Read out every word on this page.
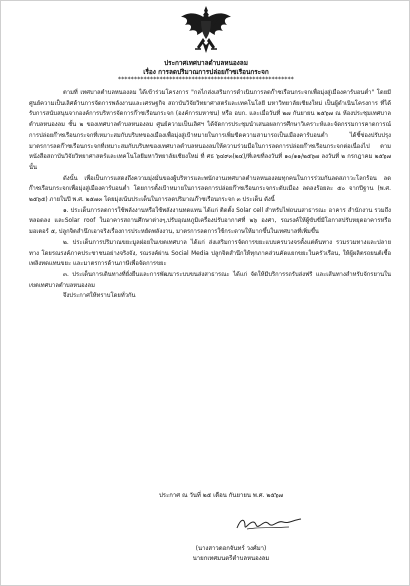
ประกาศเทศบาลตำบลหนองลม
เรื่อง การลดปริมาณการปล่อยก๊าซเรือนกระจก
*******************************************************

ตามที่ เทศบาลตำบลหนองลม ได้เข้าร่วมโครงการ "กลไกส่งเสริมการดำเนินการลดก๊าซเรือนกระจกเพื่อมุ่งสู่เมืองคาร์บอนต่ำ" โดยมีศูนย์ความเป็นเลิศด้านการจัดการพลังงานและเศรษฐกิจ สถาบันวิจัยวิทยาศาสตร์และเทคโนโลยี มหาวิทยาลัยเชียงใหม่ เป็นผู้ดำเนินโครงการ ที่ได้รับการสนับสนุนจากองค์การบริหารจัดการก๊าซเรือนกระจก (องค์การมหาชน) หรือ อบก. และเมื่อวันที่ ๒๗ กันยายน ๒๕๖๗ ณ ห้องประชุมเทศบาลตำบลหนองลม ชั้น ๒ ของเทศบาลตำบลหนองลม ศูนย์ความเป็นเลิศฯ ได้จัดการประชุมนำเสนอผลการศึกษาวิเคราะห์และจัดกรรมการคาดการณ์การปล่อยก๊าซเรือนกระจกที่เหมาะสมกับบริบทของเมืองเพื่อมุ่งสู่เป้าหมายในการเพิ่มขีดความสามารถเป็นเมืองคาร์บอนต่ำ ได้ชี้ช่องปรับปรุงมาตรการลดก๊าซเรือนกระจกที่เหมาะสมกับบริบทของเทศบาลตำบลหนองลมให้ความร่วมมือในการลดการปล่อยก๊าซเรือนกระจกต่อเนื่องไป ตามหนังสือสถาบันวิจัยวิทยาศาสตร์และเทคโนโลยีมหาวิทยาลัยเชียงใหม่ ที่ ศธ ๖๔๙๓(๒๔)/ที่เลขที่ลงวันที่ ๑๐/๑๑/๒๕๖๗ ลงวันที่ ๒ กรกฎาคม ๒๕๖๗ นั้น

ดังนั้น เพื่อเป็นการแสดงถึงความมุ่งมั่นของผู้บริหารและพนักงานเทศบาลตำบลหนองลมทุกคนในการร่วมกันลดสภาวะโลกร้อน ลดก๊าซเรือนกระจกเพื่อมุ่งสู่เมืองคาร์บอนต่ำ โดยการตั้งเป้าหมายในการลดการปล่อยก๊าซเรือนกระจกระดับเมือง ลดลงร้อยละ ๕๐ จากปีฐาน (พ.ศ. ๒๕๖๕) ภายในปี พ.ศ. ๒๕๗๓ โดยมุ่งเน้นประเด็นในการลดปริมาณก๊าซเรือนกระจก ๓ ประเด็น ดังนี้

๑. ประเด็นการลดการใช้พลังงานหรือใช้พลังงานทดแทน ได้แก่ ติดตั้ง Solar cell สำหรับไฟถนนสาธารณะ อาคาร สำนักงาน รวมถึงหลอดลง และSolar roof ในอาคารสถานศึกษาต่างๆ,ปรับอุณหภูมิเครื่องปรับอากาศที่ ๒๖ องศา, รณรงค์ให้ผู้ขับขี่มีโอกาสปรับหยุดอาคารหรือมอเตอร์ ๕, ปลูกจิตสำนึกเอาจริงเรื่องการประหยัดพลังงาน, มาตรการลดการใช้กระดาษให้มากขึ้นในเทศบาลที่เพิ่มขึ้น

๒. ประเด็นการปริมาณขยะมูลฝอยในเขตเทศบาล ได้แก่ ส่งเสริมการจัดการขยะแบบครบวงจรตั้งแต่ต้นทาง รวมรวมทางและปลายทาง โดยรณรงค์ภาคประชาชนอย่างจริงจัง, รณรงค์ผ่าน Social Media ปลูกจิตสำนึกให้ทุกภาคส่วนคัดแยกขยะในครัวเรือน, ให้ผู้ผลิตรถยนต์เชื้อเพลิงทดแทนขยะ และมาตรการด้านภาษีเพื่อจัดการขยะ

๓. ประเด็นการเดินทางที่ยั่งยืนและการพัฒนาระบบขนส่งสาธารณะ ได้แก่ จัดให้มีบริการรถรับส่งฟรี และเส้นทางสำหรับจักรยานในเขตเทศบาลตำบลหนองลม

จึงประกาศให้ทราบโดยทั่วกัน

ประกาศ ณ วันที่ ๒๕ เดือน กันยายน พ.ศ. ๒๕๖๗
(นางสาวดอกจันทร์ วงศ์มา)
นายกเทศมนตรีตำบลหนองลม
